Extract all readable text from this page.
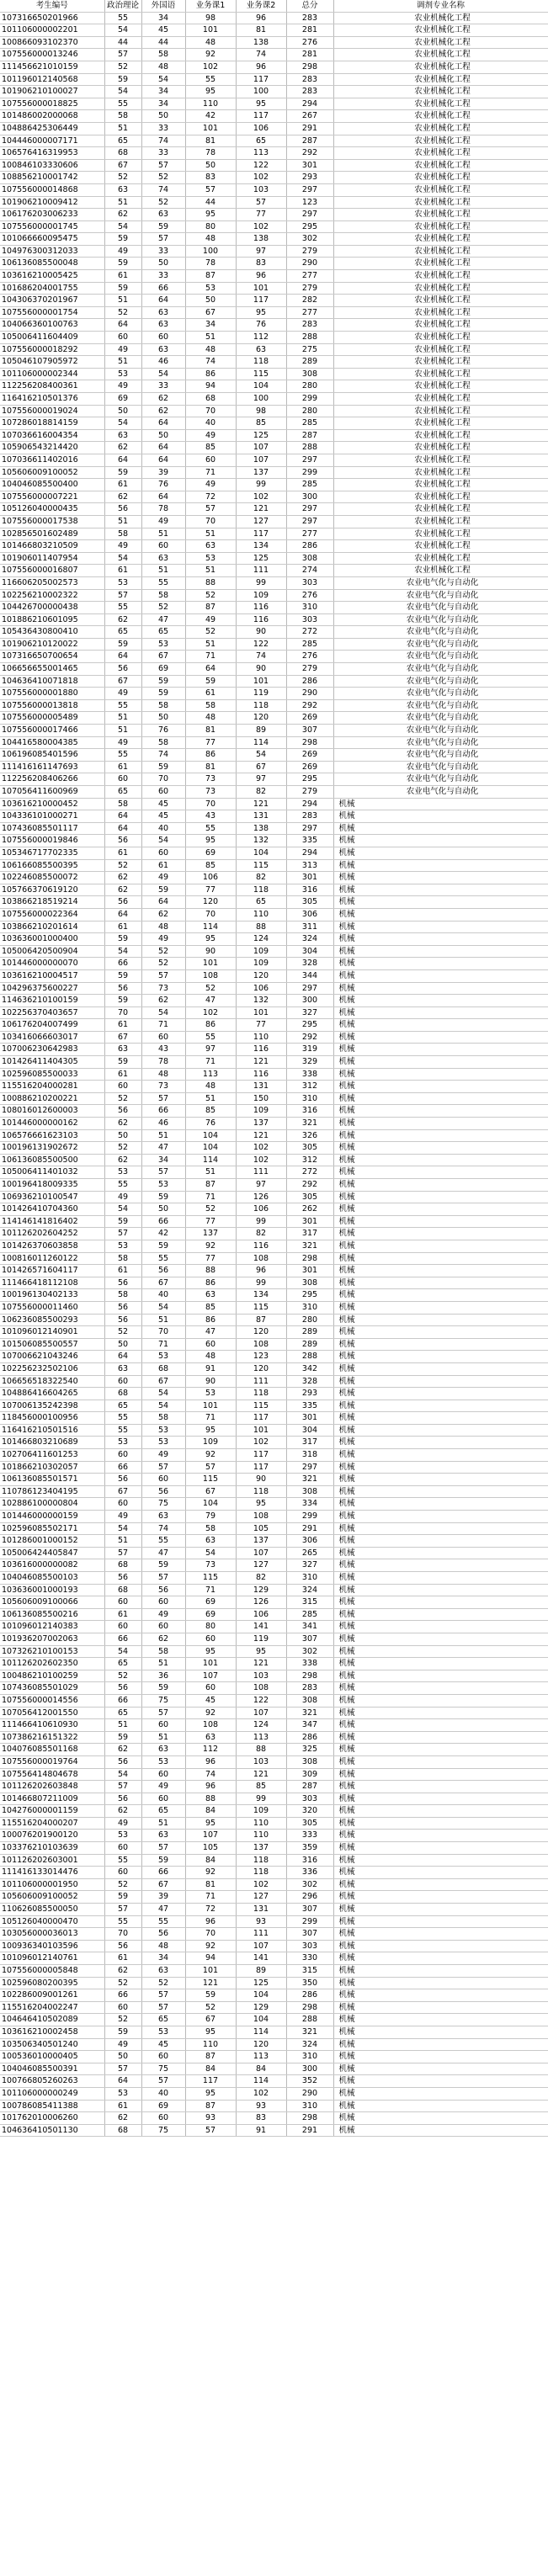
考生编号	政治理论	外国语	业务课1	业务课2	总分	调剂专业名称
107316650201966	55	34	98	96	283	农业机械化工程
101106000002201	54	45	101	81	281	农业机械化工程
100866093102370	44	44	48	138	276	农业机械化工程
107556000013246	57	58	92	74	281	农业机械化工程
111456621010159	52	48	102	96	298	农业机械化工程
101196012140568	59	54	55	117	283	农业机械化工程
101906210100027	54	34	95	100	283	农业机械化工程
107556000018825	55	34	110	95	294	农业机械化工程
101486002000068	58	50	42	117	267	农业机械化工程
104886425306449	51	33	101	106	291	农业机械化工程
104446000007171	65	74	81	65	287	农业机械化工程
106576416319953	68	33	78	113	292	农业机械化工程
100846103330606	67	57	50	122	301	农业机械化工程
108856210001742	52	52	83	102	293	农业机械化工程
107556000014868	63	74	57	103	297	农业机械化工程
101906210009412	51	52	44	57	123	农业机械化工程
106176203006233	62	63	95	77	297	农业机械化工程
107556000001745	54	59	80	102	295	农业机械化工程
101066660095475	59	57	48	138	302	农业机械化工程
104976300312033	49	33	100	97	279	农业机械化工程
106136085500048	59	50	78	83	290	农业机械化工程
103616210005425	61	33	87	96	277	农业机械化工程
101686204001755	59	66	53	101	279	农业机械化工程
104306370201967	51	64	50	117	282	农业机械化工程
107556000001754	52	63	67	95	277	农业机械化工程
104066360100763	64	63	34	76	283	农业机械化工程
105006411604409	60	60	51	112	288	农业机械化工程
107556000018292	49	63	48	63	275	农业机械化工程
105046107905972	51	46	74	118	289	农业机械化工程
101106000002344	53	54	86	115	308	农业机械化工程
112256208400361	49	33	94	104	280	农业机械化工程
116416210501376	69	62	68	100	299	农业机械化工程
107556000019024	50	62	70	98	280	农业机械化工程
107286018814159	54	64	40	85	285	农业机械化工程
107036616004354	63	50	49	125	287	农业机械化工程
105906543214420	62	64	85	107	288	农业机械化工程
107036611402016	64	64	60	107	297	农业机械化工程
105606009100052	59	39	71	137	299	农业机械化工程
104046085500400	61	76	49	99	285	农业机械化工程
107556000007221	62	64	72	102	300	农业机械化工程
105126040000435	56	78	57	121	297	农业机械化工程
107556000017538	51	49	70	127	297	农业机械化工程
102856501602489	58	51	51	117	277	农业机械化工程
101466803210509	49	60	63	134	286	农业机械化工程
101906011407954	54	63	53	125	308	农业机械化工程
107556000016807	61	51	51	111	274	农业机械化工程
116606205002573	53	55	88	99	303	农业电气化与自动化
102256210002322	57	58	52	109	276	农业电气化与自动化
104426700000438	55	52	87	116	310	农业电气化与自动化
101886210601095	62	47	49	116	303	农业电气化与自动化
105436430800410	65	65	52	90	272	农业电气化与自动化
101906210120022	59	53	51	122	285	农业电气化与自动化
107316650700654	64	67	71	74	276	农业电气化与自动化
106656655001465	56	69	64	90	279	农业电气化与自动化
104636410071818	67	59	59	101	286	农业电气化与自动化
107556000001880	49	59	61	119	290	农业电气化与自动化
107556000013818	55	58	58	118	292	农业电气化与自动化
107556000005489	51	50	48	120	269	农业电气化与自动化
107556000017466	51	76	81	89	307	农业电气化与自动化
104416580004385	49	58	77	114	298	农业电气化与自动化
106196085401596	55	74	86	54	269	农业电气化与自动化
111416161147693	61	59	81	67	269	农业电气化与自动化
112256208406266	60	70	73	97	295	农业电气化与自动化
107056411600969	65	60	73	82	279	农业电气化与自动化
103616210000452	58	45	70	121	294	机械
104336101000271	64	45	43	131	283	机械
107436085501117	64	40	55	138	297	机械
107556000019846	56	54	95	132	335	机械
105346717702335	61	60	69	104	294	机械
106166085500395	52	61	85	115	313	机械
102246085500072	62	49	106	82	301	机械
105766370619120	62	59	77	118	316	机械
103866218519214	56	64	120	65	305	机械
107556000022364	64	62	70	110	306	机械
103866210201614	61	48	114	88	311	机械
103636001000400	59	49	95	124	324	机械
105006420500904	54	52	90	109	304	机械
101446000000070	66	52	101	109	328	机械
103616210004517	59	57	108	120	344	机械
104296375600227	56	73	52	106	297	机械
114636210100159	59	62	47	132	300	机械
102256370403657	70	54	102	101	327	机械
106176204007499	61	71	86	77	295	机械
103416066603017	67	60	55	110	292	机械
107006230642983	63	43	97	116	319	机械
101426411404305	59	78	71	121	329	机械
102596085500033	61	48	113	116	338	机械
115516204000281	60	73	48	131	312	机械
100886210200221	52	57	51	150	310	机械
108016012600003	56	66	85	109	316	机械
101446000000162	62	46	76	137	321	机械
106576661623103	50	51	104	121	326	机械
100196131902672	52	47	104	102	305	机械
106136085500500	62	34	114	102	312	机械
105006411401032	53	57	51	111	272	机械
100196418009335	55	53	87	97	292	机械
106936210100547	49	59	71	126	305	机械
101426410704360	54	50	52	106	262	机械
114146141816402	59	66	77	99	301	机械
101126202604252	57	42	137	82	317	机械
101426370603858	53	59	92	116	321	机械
100816011260122	58	55	77	108	298	机械
101426571604117	61	56	88	96	301	机械
111466418112108	56	67	86	99	308	机械
100196130402133	58	40	63	134	295	机械
107556000011460	56	54	85	115	310	机械
106236085500293	56	51	86	87	280	机械
101096012140901	52	70	47	120	289	机械
101506085500557	50	71	60	108	289	机械
107006621043246	64	53	48	123	288	机械
102256232502106	63	68	91	120	342	机械
106656518322540	60	67	90	111	328	机械
104886416604265	68	54	53	118	293	机械
107006135242398	65	54	101	115	335	机械
118456000100956	55	58	71	117	301	机械
116416210501516	55	53	95	101	304	机械
101466803210689	53	53	109	102	317	机械
102706411601253	60	49	92	117	318	机械
101866210302057	66	57	57	117	297	机械
106136085501571	56	60	115	90	321	机械
110786123404195	67	56	67	118	308	机械
102886100000804	60	75	104	95	334	机械
101446000000159	49	63	79	108	299	机械
102596085502171	54	74	58	105	291	机械
101286001000152	51	55	63	137	306	机械
105006424405847	57	47	54	107	265	机械
103616000000082	68	59	73	127	327	机械
104046085500103	56	57	115	82	310	机械
103636001000193	68	56	71	129	324	机械
105606009100066	60	60	69	126	315	机械
106136085500216	61	49	69	106	285	机械
101096012140383	60	60	80	141	341	机械
101936207002063	66	62	60	119	307	机械
107326210100153	54	58	95	95	302	机械
101126202602350	65	51	101	121	338	机械
100486210100259	52	36	107	103	298	机械
107436085501029	56	59	60	108	283	机械
107556000014556	66	75	45	122	308	机械
107056412001550	65	57	92	107	321	机械
111466410610930	51	60	108	124	347	机械
107386216151322	59	51	63	113	286	机械
104076085501168	62	63	112	88	325	机械
107556000019764	56	53	96	103	308	机械
107556414804678	54	60	74	121	309	机械
101126202603848	57	49	96	85	287	机械
101466807211009	56	60	88	99	303	机械
104276000001159	62	65	84	109	320	机械
115516204000207	49	51	95	110	305	机械
100076201900120	53	63	107	110	333	机械
103376210103639	60	57	105	137	359	机械
101126202603001	55	59	84	118	316	机械
111416133014476	60	66	92	118	336	机械
101106000001950	52	67	81	102	302	机械
105606009100052	59	39	71	127	296	机械
110626085500050	57	47	72	131	307	机械
105126040000470	55	55	96	93	299	机械
103056000036013	70	56	70	111	307	机械
100936340103596	56	48	92	107	303	机械
101096012140761	61	34	94	141	330	机械
107556000005848	62	63	101	89	315	机械
102596080200395	52	52	121	125	350	机械
102286009001261	66	57	59	104	286	机械
115516204002247	60	57	52	129	298	机械
104646410502089	52	65	67	104	288	机械
103616210002458	59	53	95	114	321	机械
103506340501240	49	45	110	120	324	机械
100536010000405	50	60	87	113	310	机械
104046085500391	57	75	84	84	300	机械
100766805260263	64	57	117	114	352	机械
101106000000249	53	40	95	102	290	机械
100786085411388	61	69	87	93	310	机械
101762010006260	62	60	93	83	298	机械
104636410501130	68	75	57	91	291	机械
